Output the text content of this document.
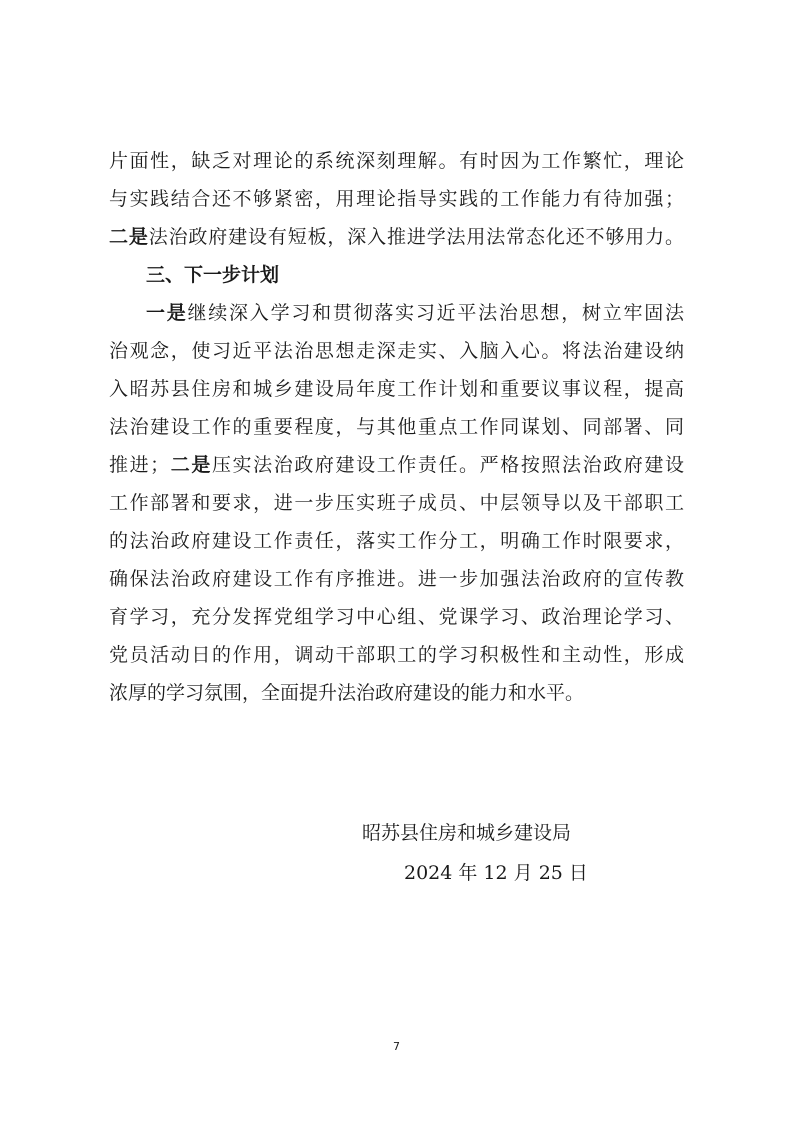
片面性，缺乏对理论的系统深刻理解。有时因为工作繁忙，理论
与实践结合还不够紧密，用理论指导实践的工作能力有待加强；
二是法治政府建设有短板，深入推进学法用法常态化还不够用力。
三、下一步计划
一是继续深入学习和贯彻落实习近平法治思想，树立牢固法
治观念，使习近平法治思想走深走实、入脑入心。将法治建设纳
入昭苏县住房和城乡建设局年度工作计划和重要议事议程，提高
法治建设工作的重要程度，与其他重点工作同谋划、同部署、同
推进；二是压实法治政府建设工作责任。严格按照法治政府建设
工作部署和要求，进一步压实班子成员、中层领导以及干部职工
的法治政府建设工作责任，落实工作分工，明确工作时限要求，
确保法治政府建设工作有序推进。进一步加强法治政府的宣传教
育学习，充分发挥党组学习中心组、党课学习、政治理论学习、
党员活动日的作用，调动干部职工的学习积极性和主动性，形成
浓厚的学习氛围，全面提升法治政府建设的能力和水平。
昭苏县住房和城乡建设局
2024 年 12 月 25 日
7
